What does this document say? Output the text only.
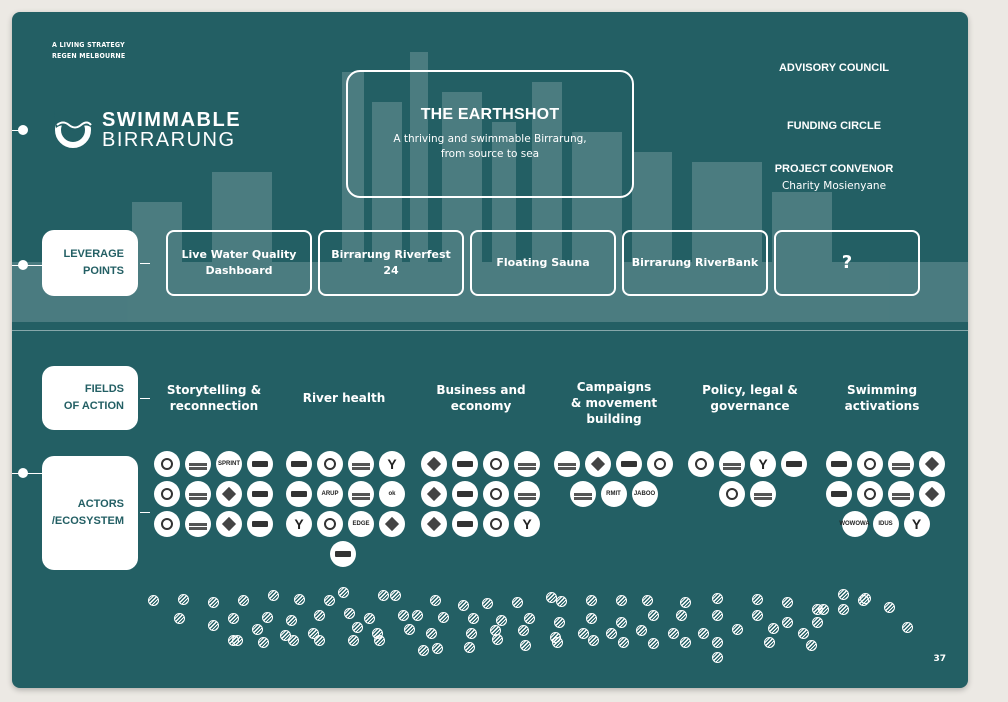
A LIVING STRATEGY
REGEN MELBOURNE
SWIMMABLE
BIRRARUNG
THE EARTHSHOT
A thriving and swimmable Birrarung,
from source to sea
ADVISORY COUNCIL
FUNDING CIRCLE
PROJECT CONVENOR
Charity Mosienyane
LEVERAGE
POINTS
FIELDS
OF ACTION
ACTORS
/ECOSYSTEM
Live Water Quality
Dashboard
Birrarung Riverfest 24
Floating Sauna	Birrarung RiverBank	?
Storytelling &
reconnection
River health
Business and
economy
Campaigns
& movement
building
Policy, legal &
governance
Swimming
activations
37
SPRINT	Y
ARUP	ok
Y	EDGE	Y
RMIT JABOO
Y
WOWOWA IDUS Y
